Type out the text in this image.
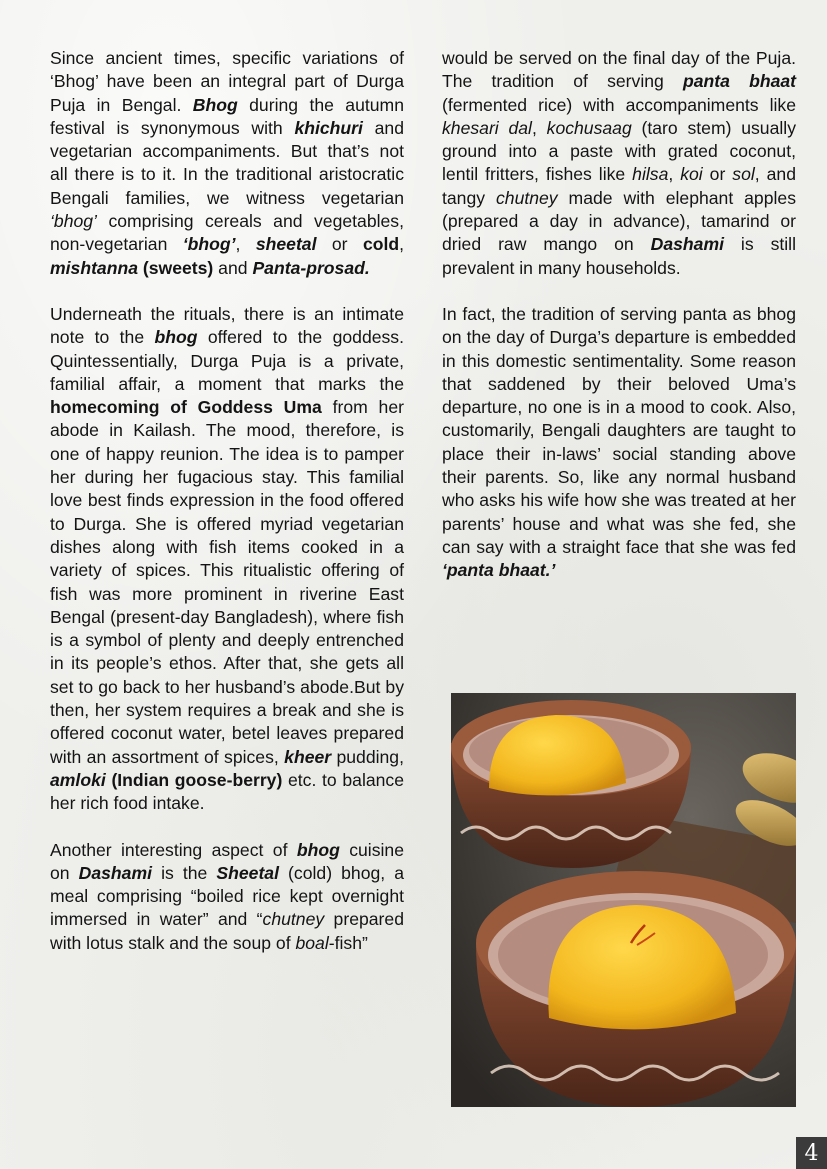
Since ancient times, specific variations of ‘Bhog’ have been an integral part of Durga Puja in Bengal. Bhog during the autumn festival is synonymous with khichuri and vegetarian accompaniments. But that’s not all there is to it. In the traditional aristocratic Bengali families, we witness vegetarian ‘bhog’ comprising cereals and vegetables, non-vegetarian ‘bhog’, sheetal or cold, mishtanna (sweets) and Panta-prosad.

Underneath the rituals, there is an intimate note to the bhog offered to the goddess. Quintessentially, Durga Puja is a private, familial affair, a moment that marks the homecoming of Goddess Uma from her abode in Kailash. The mood, therefore, is one of happy reunion. The idea is to pamper her during her fugacious stay. This familial love best finds expression in the food offered to Durga. She is offered myriad vegetarian dishes along with fish items cooked in a variety of spices. This ritualistic offering of fish was more prominent in riverine East Bengal (present-day Bangladesh), where fish is a symbol of plenty and deeply entrenched in its people’s ethos. After that, she gets all set to go back to her husband’s abode.But by then, her system requires a break and she is offered coconut water, betel leaves prepared with an assortment of spices, kheer pudding, amloki (Indian goose-berry) etc. to balance her rich food intake.

Another interesting aspect of bhog cuisine on Dashami is the Sheetal (cold) bhog, a meal comprising “boiled rice kept overnight immersed in water” and “chutney prepared with lotus stalk and the soup of boal-fish”

would be served on the final day of the Puja. The tradition of serving panta bhaat (fermented rice) with accompaniments like khesari dal, kochusaag (taro stem) usually ground into a paste with grated coconut, lentil fritters, fishes like hilsa, koi or sol, and tangy chutney made with elephant apples (prepared a day in advance), tamarind or dried raw mango on Dashami is still prevalent in many households.

In fact, the tradition of serving panta as bhog on the day of Durga’s departure is embedded in this domestic sentimentality. Some reason that saddened by their beloved Uma’s departure, no one is in a mood to cook. Also, customarily, Bengali daughters are taught to place their in-laws’ social standing above their parents. So, like any normal husband who asks his wife how she was treated at her parents’ house and what was she fed, she can say with a straight face that she was fed ‘panta bhaat.’

4
